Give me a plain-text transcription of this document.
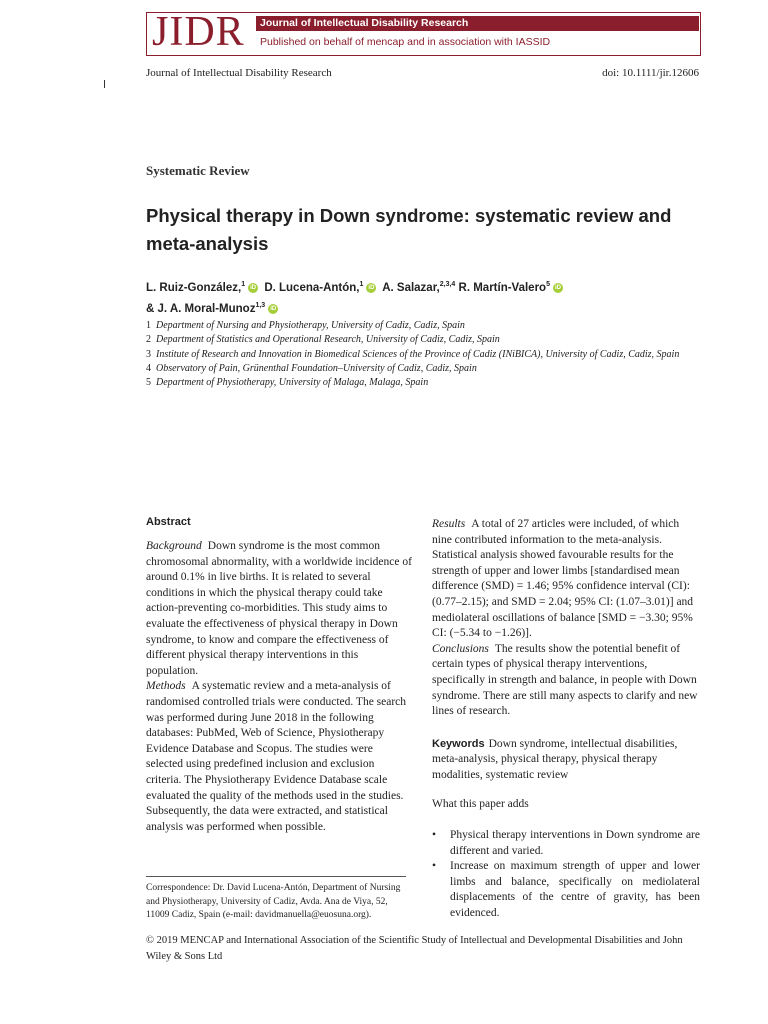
JIDR Journal of Intellectual Disability Research
Published on behalf of mencap and in association with IASSID
Journal of Intellectual Disability Research	doi: 10.1111/jir.12606
Systematic Review
Physical therapy in Down syndrome: systematic review and meta-analysis
L. Ruiz-González,$^1$ iD D. Lucena-Antón,$^1$ iD A. Salazar,$^{2,3,4}$ R. Martín-Valero$^5$ iD
& J. A. Moral-Munoz$^{1,3}$ iD
1 Department of Nursing and Physiotherapy, University of Cadiz, Cadiz, Spain
2 Department of Statistics and Operational Research, University of Cadiz, Cadiz, Spain
3 Institute of Research and Innovation in Biomedical Sciences of the Province of Cadiz (INiBICA), University of Cadiz, Cadiz, Spain
4 Observatory of Pain, Grünenthal Foundation–University of Cadiz, Cadiz, Spain
5 Department of Physiotherapy, University of Malaga, Malaga, Spain
Abstract
Background Down syndrome is the most common chromosomal abnormality, with a worldwide incidence of around 0.1% in live births. It is related to several conditions in which the physical therapy could take action-preventing co-morbidities. This study aims to evaluate the effectiveness of physical therapy in Down syndrome, to know and compare the effectiveness of different physical therapy interventions in this population.
Methods A systematic review and a meta-analysis of randomised controlled trials were conducted. The search was performed during June 2018 in the following databases: PubMed, Web of Science, Physiotherapy Evidence Database and Scopus. The studies were selected using predefined inclusion and exclusion criteria. The Physiotherapy Evidence Database scale evaluated the quality of the methods used in the studies. Subsequently, the data were extracted, and statistical analysis was performed when possible.
Results A total of 27 articles were included, of which nine contributed information to the meta-analysis. Statistical analysis showed favourable results for the strength of upper and lower limbs [standardised mean difference (SMD) = 1.46; 95% confidence interval (CI): (0.77–2.15); and SMD = 2.04; 95% CI: (1.07–3.01)] and mediolateral oscillations of balance [SMD = −3.30; 95% CI: (−5.34 to −1.26)].
Conclusions The results show the potential benefit of certain types of physical therapy interventions, specifically in strength and balance, in people with Down syndrome. There are still many aspects to clarify and new lines of research.
Keywords Down syndrome, intellectual disabilities, meta-analysis, physical therapy, physical therapy modalities, systematic review
What this paper adds
• Physical therapy interventions in Down syndrome are different and varied.
• Increase on maximum strength of upper and lower limbs and balance, specifically on mediolateral displacements of the centre of gravity, has been evidenced.
Correspondence: Dr. David Lucena-Antón, Department of Nursing and Physiotherapy, University of Cadiz, Avda. Ana de Viya, 52, 11009 Cadiz, Spain (e-mail: davidmanuella@euosuna.org).
© 2019 MENCAP and International Association of the Scientific Study of Intellectual and Developmental Disabilities and John Wiley & Sons Ltd
